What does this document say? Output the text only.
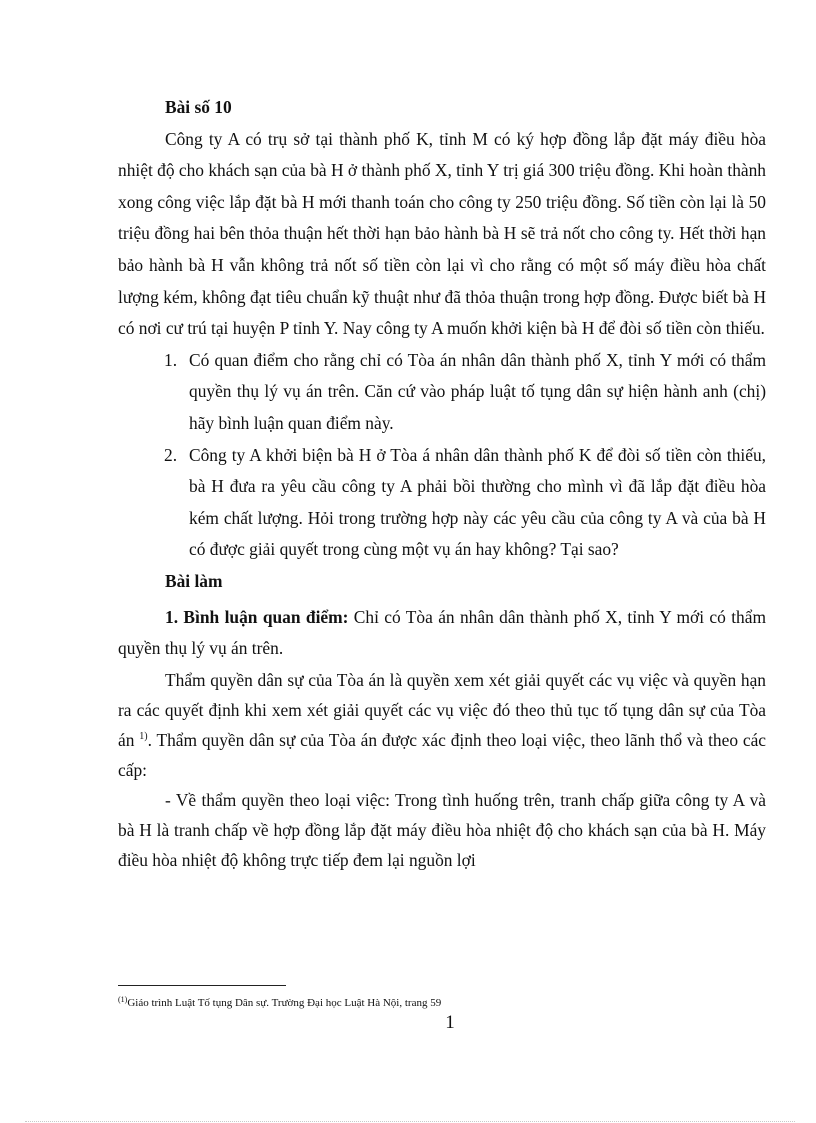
Bài số 10

Công ty A có trụ sở tại thành phố K, tỉnh M có ký hợp đồng lắp đặt máy điều hòa nhiệt độ cho khách sạn của bà H ở thành phố X, tỉnh Y trị giá 300 triệu đồng. Khi hoàn thành xong công việc lắp đặt bà H mới thanh toán cho công ty 250 triệu đồng. Số tiền còn lại là 50 triệu đồng hai bên thỏa thuận hết thời hạn bảo hành bà H sẽ trả nốt cho công ty. Hết thời hạn bảo hành bà H vẫn không trả nốt số tiền còn lại vì cho rằng có một số máy điều hòa chất lượng kém, không đạt tiêu chuẩn kỹ thuật như đã thỏa thuận trong hợp đồng. Được biết bà H có nơi cư trú tại huyện P tỉnh Y. Nay công ty A muốn khởi kiện bà H để đòi số tiền còn thiếu.

1. Có quan điểm cho rằng chỉ có Tòa án nhân dân thành phố X, tỉnh Y mới có thẩm quyền thụ lý vụ án trên. Căn cứ vào pháp luật tố tụng dân sự hiện hành anh (chị) hãy bình luận quan điểm này.
2. Công ty A khởi biện bà H ở Tòa á nhân dân thành phố K để đòi số tiền còn thiếu, bà H đưa ra yêu cầu công ty A phải bồi thường cho mình vì đã lắp đặt điều hòa kém chất lượng. Hỏi trong trường hợp này các yêu cầu của công ty A và của bà H có được giải quyết trong cùng một vụ án hay không? Tại sao?

Bài làm

1. Bình luận quan điểm: Chỉ có Tòa án nhân dân thành phố X, tỉnh Y mới có thẩm quyền thụ lý vụ án trên.

Thẩm quyền dân sự của Tòa án là quyền xem xét giải quyết các vụ việc và quyền hạn ra các quyết định khi xem xét giải quyết các vụ việc đó theo thủ tục tố tụng dân sự của Tòa án $^{1)}$. Thẩm quyền dân sự của Tòa án được xác định theo loại việc, theo lãnh thổ và theo các cấp:

- Về thẩm quyền theo loại việc: Trong tình huống trên, tranh chấp giữa công ty A và bà H là tranh chấp về hợp đồng lắp đặt máy điều hòa nhiệt độ cho khách sạn của bà H. Máy điều hòa nhiệt độ không trực tiếp đem lại nguồn lợi

$^{(1)}$Giáo trình Luật Tố tụng Dân sự. Trường Đại học Luật Hà Nội, trang 59
1
